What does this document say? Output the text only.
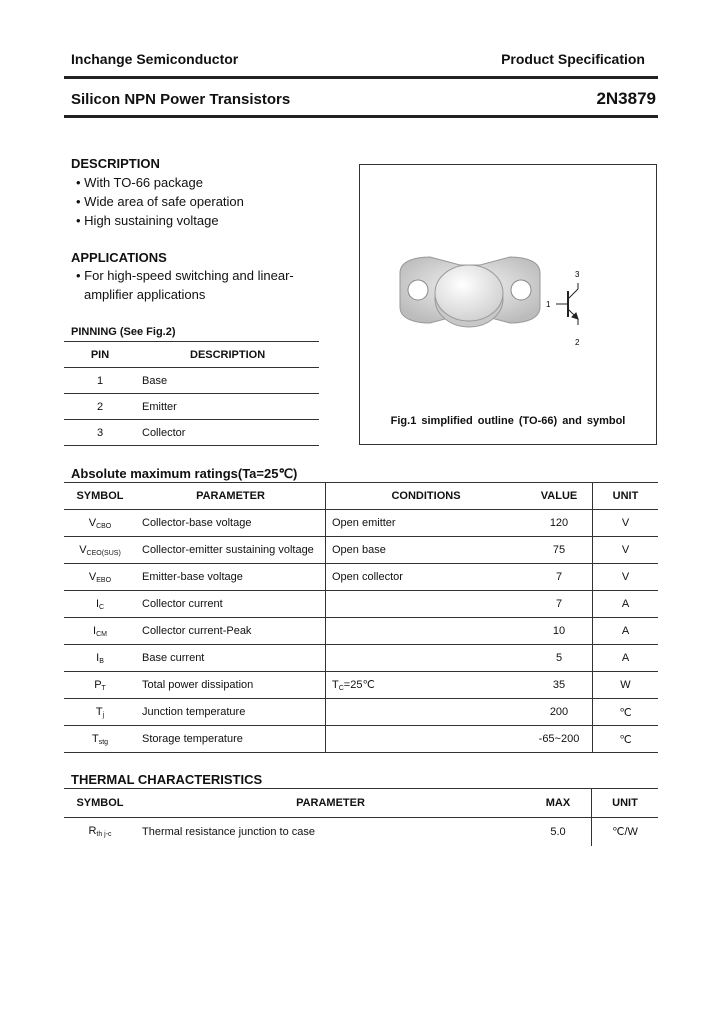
Inchange Semiconductor	Product Specification
Silicon NPN Power Transistors	2N3879
DESCRIPTION
• With TO-66 package
• Wide area of safe operation
• High sustaining voltage
APPLICATIONS
• For high-speed switching and linear-
amplifier applications
PINNING (See Fig.2)
PIN	DESCRIPTION
1	Base
2	Emitter
3	Collector
1
2
3
Fig.1 simplified outline (TO-66) and symbol
Absolute maximum ratings(Ta=25℃)
SYMBOL	PARAMETER	CONDITIONS	VALUE	UNIT
$V_{CBO}$	Collector-base voltage	Open emitter	120	V
$V_{CEO(SUS)}$	Collector-emitter sustaining voltage	Open base	75	V
$V_{EBO}$	Emitter-base voltage	Open collector	7	V
$I_C$	Collector current		7	A
$I_{CM}$	Collector current-Peak		10	A
$I_B$	Base current		5	A
$P_T$	Total power dissipation	$T_C=25℃$	35	W
$T_j$	Junction temperature		200	℃
$T_{stg}$	Storage temperature		-65~200	℃
THERMAL CHARACTERISTICS
SYMBOL	PARAMETER	MAX	UNIT
$R_{th j-c}$	Thermal resistance junction to case	5.0	℃/W
